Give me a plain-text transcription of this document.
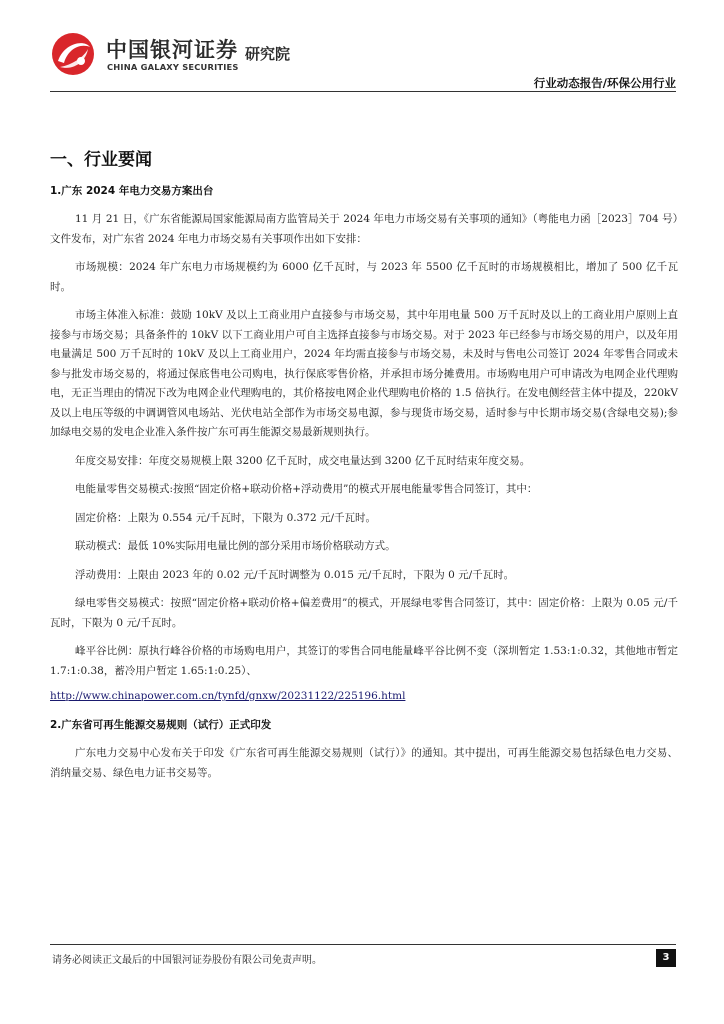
中国银河证券
CHINA GALAXY SECURITIES
研究院
行业动态报告/环保公用行业
一、行业要闻
1.广东 2024 年电力交易方案出台

11 月 21 日，《广东省能源局国家能源局南方监管局关于 2024 年电力市场交易有关事项的通知》（粤能电力函［2023］704 号）文件发布，对广东省 2024 年电力市场交易有关事项作出如下安排：

市场规模：2024 年广东电力市场规模约为 6000 亿千瓦时，与 2023 年 5500 亿千瓦时的市场规模相比，增加了 500 亿千瓦时。

市场主体准入标准：鼓励 10kV 及以上工商业用户直接参与市场交易，其中年用电量 500 万千瓦时及以上的工商业用户原则上直接参与市场交易；具备条件的 10kV 以下工商业用户可自主选择直接参与市场交易。对于 2023 年已经参与市场交易的用户，以及年用电量满足 500 万千瓦时的 10kV 及以上工商业用户，2024 年均需直接参与市场交易，未及时与售电公司签订 2024 年零售合同或未参与批发市场交易的，将通过保底售电公司购电，执行保底零售价格，并承担市场分摊费用。市场购电用户可申请改为电网企业代理购电，无正当理由的情况下改为电网企业代理购电的，其价格按电网企业代理购电价格的 1.5 倍执行。在发电侧经营主体中提及，220kV 及以上电压等级的中调调管风电场站、光伏电站全部作为市场交易电源，参与现货市场交易，适时参与中长期市场交易(含绿电交易);参加绿电交易的发电企业准入条件按广东可再生能源交易最新规则执行。

年度交易安排：年度交易规模上限 3200 亿千瓦时，成交电量达到 3200 亿千瓦时结束年度交易。

电能量零售交易模式:按照“固定价格+联动价格+浮动费用”的模式开展电能量零售合同签订，其中：

固定价格：上限为 0.554 元/千瓦时，下限为 0.372 元/千瓦时。

联动模式：最低 10%实际用电量比例的部分采用市场价格联动方式。

浮动费用：上限由 2023 年的 0.02 元/千瓦时调整为 0.015 元/千瓦时，下限为 0 元/千瓦时。

绿电零售交易模式：按照“固定价格+联动价格+偏差费用”的模式，开展绿电零售合同签订，其中：固定价格：上限为 0.05 元/千瓦时，下限为 0 元/千瓦时。

峰平谷比例：原执行峰谷价格的市场购电用户，其签订的零售合同电能量峰平谷比例不变（深圳暂定 1.53:1:0.32，其他地市暂定 1.7:1:0.38，蓄冷用户暂定 1.65:1:0.25）、

http://www.chinapower.com.cn/tynfd/gnxw/20231122/225196.html
2.广东省可再生能源交易规则（试行）正式印发

广东电力交易中心发布关于印发《广东省可再生能源交易规则（试行）》的通知。其中提出，可再生能源交易包括绿色电力交易、消纳量交易、绿色电力证书交易等。

请务必阅读正文最后的中国银河证券股份有限公司免责声明。	3
